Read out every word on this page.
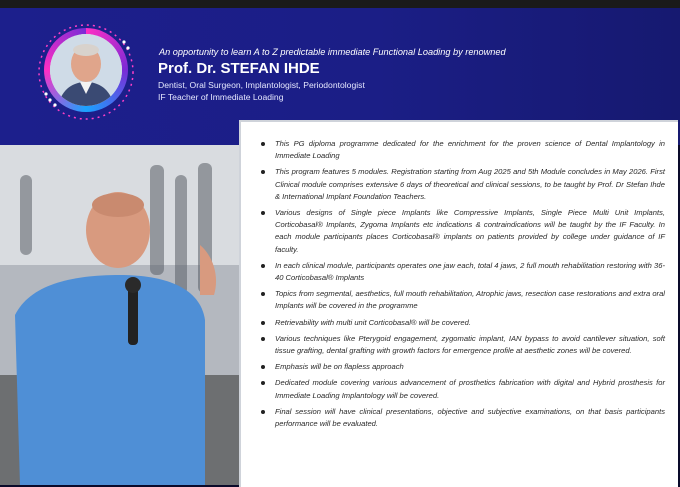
An opportunity to learn A to Z predictable immediate Functional Loading by renowned
Prof. Dr. STEFAN IHDE
Dentist, Oral Surgeon, Implantologist, Periodontologist
IF Teacher of Immediate Loading
This PG diploma programme dedicated for the enrichment for the proven science of Dental Implantology in Immediate Loading
This program features 5 modules. Registration starting from Aug 2025 and 5th Module concludes in May 2026. First Clinical module comprises extensive 6 days of theoretical and clinical sessions, to be taught by Prof. Dr Stefan Ihde & International Implant Foundation Teachers.
Various designs of Single piece Implants like Compressive Implants, Single Piece Multi Unit Implants, Corticobasal® Implants, Zygoma Implants etc indications & contraindications will be taught by the IF Faculty. In each module participants places Corticobasal® implants on patients provided by college under guidance of IF faculty.
In each clinical module, participants operates one jaw each, total 4 jaws, 2 full mouth rehabilitation restoring with 36-40 Corticobasal® Implants
Topics from segmental, aesthetics, full mouth rehabilitation, Atrophic jaws, resection case restorations and extra oral Implants will be covered in the programme
Retrievability with multi unit Corticobasal® will be covered.
Various techniques like Pterygoid engagement, zygomatic implant, IAN bypass to avoid cantilever situation, soft tissue grafting, dental grafting with growth factors for emergence profile at aesthetic zones will be covered.
Emphasis will be on flapless approach
Dedicated module covering various advancement of prosthetics fabrication with digital and Hybrid prosthesis for Immediate Loading Implantology will be covered.
Final session will have clinical presentations, objective and subjective examinations, on that basis participants performance will be evaluated.
